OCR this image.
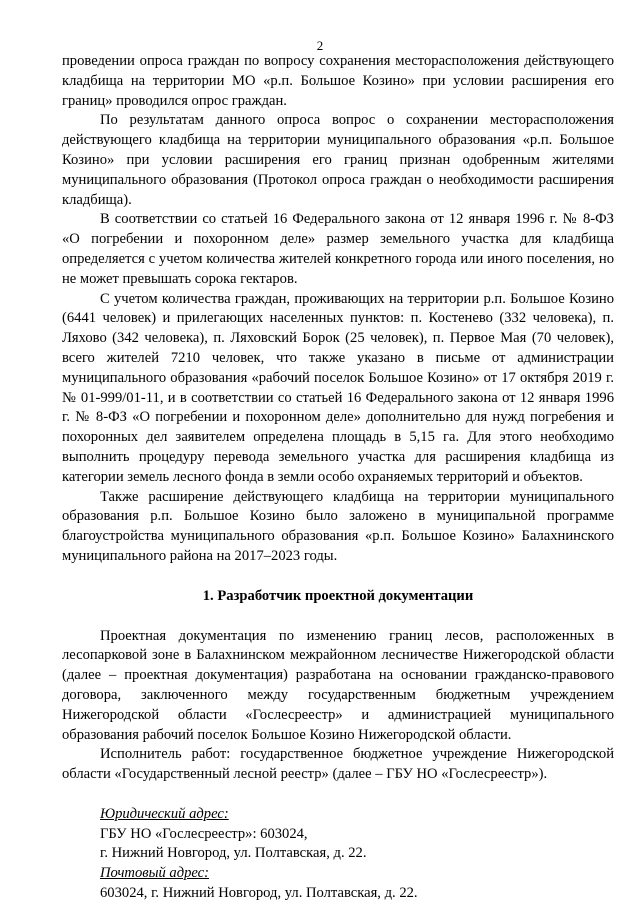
2

проведении опроса граждан по вопросу сохранения месторасположения действующего кладбища на территории МО «р.п. Большое Козино» при условии расширения его границ» проводился опрос граждан.

По результатам данного опроса вопрос о сохранении месторасположения действующего кладбища на территории муниципального образования «р.п. Большое Козино» при условии расширения его границ признан одобренным жителями муниципального образования (Протокол опроса граждан о необходимости расширения кладбища).

В соответствии со статьей 16 Федерального закона от 12 января 1996 г. № 8-ФЗ «О погребении и похоронном деле» размер земельного участка для кладбища определяется с учетом количества жителей конкретного города или иного поселения, но не может превышать сорока гектаров.

С учетом количества граждан, проживающих на территории р.п. Большое Козино (6441 человек) и прилегающих населенных пунктов: п. Костенево (332 человека), п. Ляхово (342 человека), п. Ляховский Борок (25 человек), п. Первое Мая (70 человек), всего жителей 7210 человек, что также указано в письме от администрации муниципального образования «рабочий поселок Большое Козино» от 17 октября 2019 г. № 01-999/01-11, и в соответствии со статьей 16 Федерального закона от 12 января 1996 г. № 8-ФЗ «О погребении и похоронном деле» дополнительно для нужд погребения и похоронных дел заявителем определена площадь в 5,15 га. Для этого необходимо выполнить процедуру перевода земельного участка для расширения кладбища из категории земель лесного фонда в земли особо охраняемых территорий и объектов.

Также расширение действующего кладбища на территории муниципального образования р.п. Большое Козино было заложено в муниципальной программе благоустройства муниципального образования «р.п. Большое Козино» Балахнинского муниципального района на 2017–2023 годы.

1. Разработчик проектной документации

Проектная документация по изменению границ лесов, расположенных в лесопарковой зоне в Балахнинском межрайонном лесничестве Нижегородской области (далее – проектная документация) разработана на основании гражданско-правового договора, заключенного между государственным бюджетным учреждением Нижегородской области «Гослесреестр» и администрацией муниципального образования рабочий поселок Большое Козино Нижегородской области.

Исполнитель работ: государственное бюджетное учреждение Нижегородской области «Государственный лесной реестр» (далее – ГБУ НО «Гослесреестр»).

Юридический адрес:
ГБУ НО «Гослесреестр»: 603024,
г. Нижний Новгород, ул. Полтавская, д. 22.
Почтовый адрес:
603024, г. Нижний Новгород, ул. Полтавская, д. 22.
